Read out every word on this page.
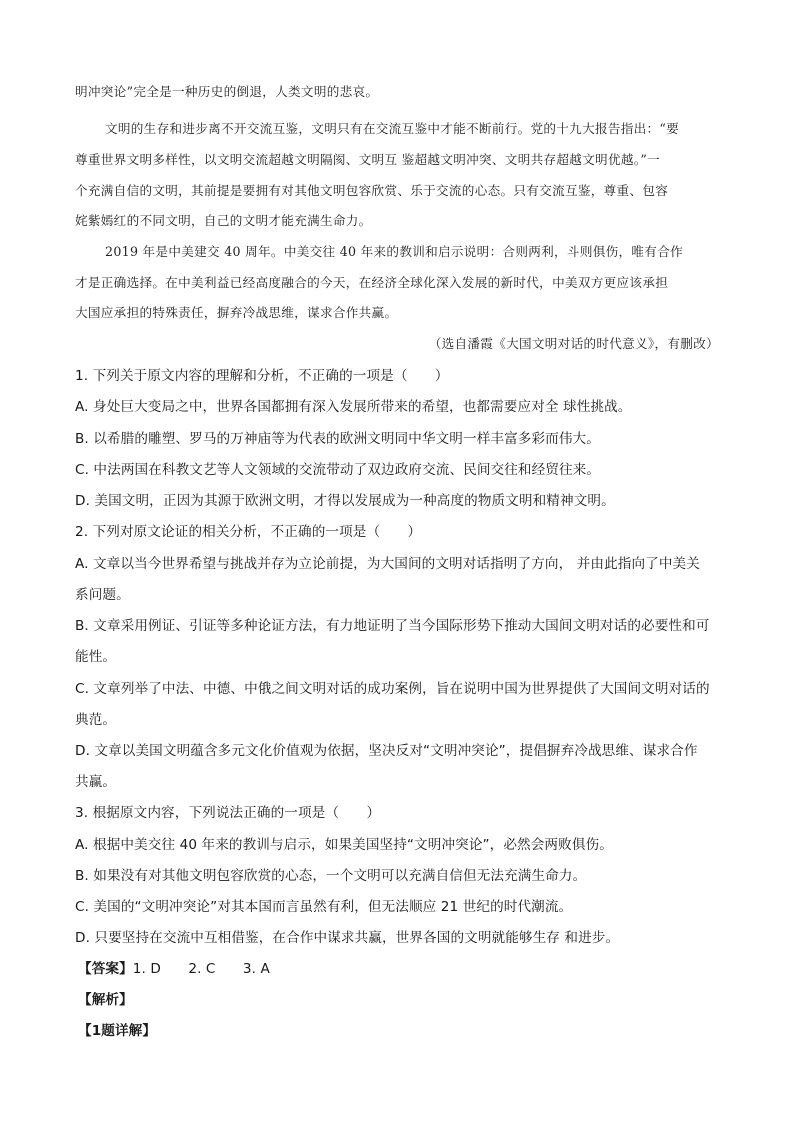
明冲突论”完全是一种历史的倒退，人类文明的悲哀。
文明的生存和进步离不开交流互鉴，文明只有在交流互鉴中才能不断前行。党的十九大报告指出：“要
尊重世界文明多样性，以文明交流超越文明隔阂、文明互 鉴超越文明冲突、文明共存超越文明优越。”一
个充满自信的文明，其前提是要拥有对其他文明包容欣赏、乐于交流的心态。只有交流互鉴，尊重、包容
姹紫嫣红的不同文明，自己的文明才能充满生命力。
2019 年是中美建交 40 周年。中美交往 40 年来的教训和启示说明：合则两利，斗则俱伤，唯有合作
才是正确选择。在中美利益已经高度融合的今天，在经济全球化深入发展的新时代，中美双方更应该承担
大国应承担的特殊责任，摒弃冷战思维，谋求合作共赢。
（选自潘霞《大国文明对话的时代意义》，有删改）
1. 下列关于原文内容的理解和分析，不正确的一项是（　　）
A. 身处巨大变局之中，世界各国都拥有深入发展所带来的希望，也都需要应对全 球性挑战。
B. 以希腊的雕塑、罗马的万神庙等为代表的欧洲文明同中华文明一样丰富多彩而伟大。
C. 中法两国在科教文艺等人文领域的交流带动了双边政府交流、民间交往和经贸往来。
D. 美国文明，正因为其源于欧洲文明，才得以发展成为一种高度的物质文明和精神文明。
2. 下列对原文论证的相关分析，不正确的一项是（　　）
A. 文章以当今世界希望与挑战并存为立论前提，为大国间的文明对话指明了方向， 并由此指向了中美关
系问题。
B. 文章采用例证、引证等多种论证方法，有力地证明了当今国际形势下推动大国间文明对话的必要性和可
能性。
C. 文章列举了中法、中德、中俄之间文明对话的成功案例，旨在说明中国为世界提供了大国间文明对话的
典范。
D. 文章以美国文明蕴含多元文化价值观为依据，坚决反对“文明冲突论”，提倡摒弃冷战思维、谋求合作
共赢。
3. 根据原文内容，下列说法正确的一项是（　　）
A. 根据中美交往 40 年来的教训与启示，如果美国坚持“文明冲突论”，必然会两败俱伤。
B. 如果没有对其他文明包容欣赏的心态，一个文明可以充满自信但无法充满生命力。
C. 美国的“文明冲突论”对其本国而言虽然有利，但无法顺应 21 世纪的时代潮流。
D. 只要坚持在交流中互相借鉴，在合作中谋求共赢，世界各国的文明就能够生存 和进步。
【答案】1. D　　2. C　　3. A
【解析】
【1题详解】
